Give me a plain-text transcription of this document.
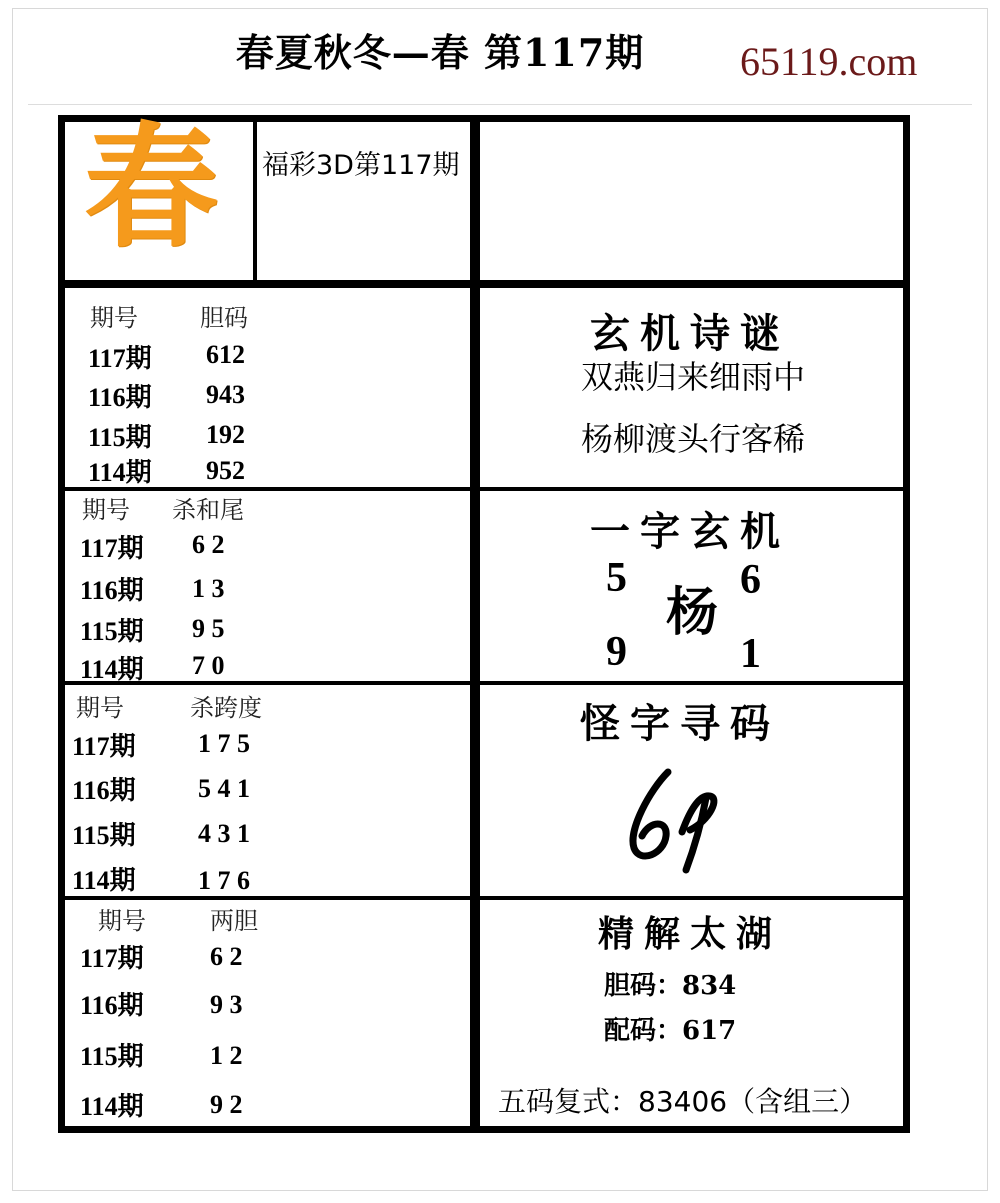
春夏秋冬—春 第117期	65119.com
春 福彩3D第117期
期号	胆码
117期 612
116期 943
115期 192
114期 952
期号 杀和尾
117期 6 2
116期 1 3
115期 9 5
114期 7 0
期号	杀跨度
117期 1 7 5
116期 5 4 1
115期 4 3 1
114期 1 7 6
期号	两胆
117期	6 2
116期	9 3
115期	1 2
114期	9 2
玄机诗谜
双燕归来细雨中
杨柳渡头行客稀
一字玄机
5	6
9	1
杨
怪字寻码
精解太湖
胆码：834
配码：617
五码复式：83406（含组三）
